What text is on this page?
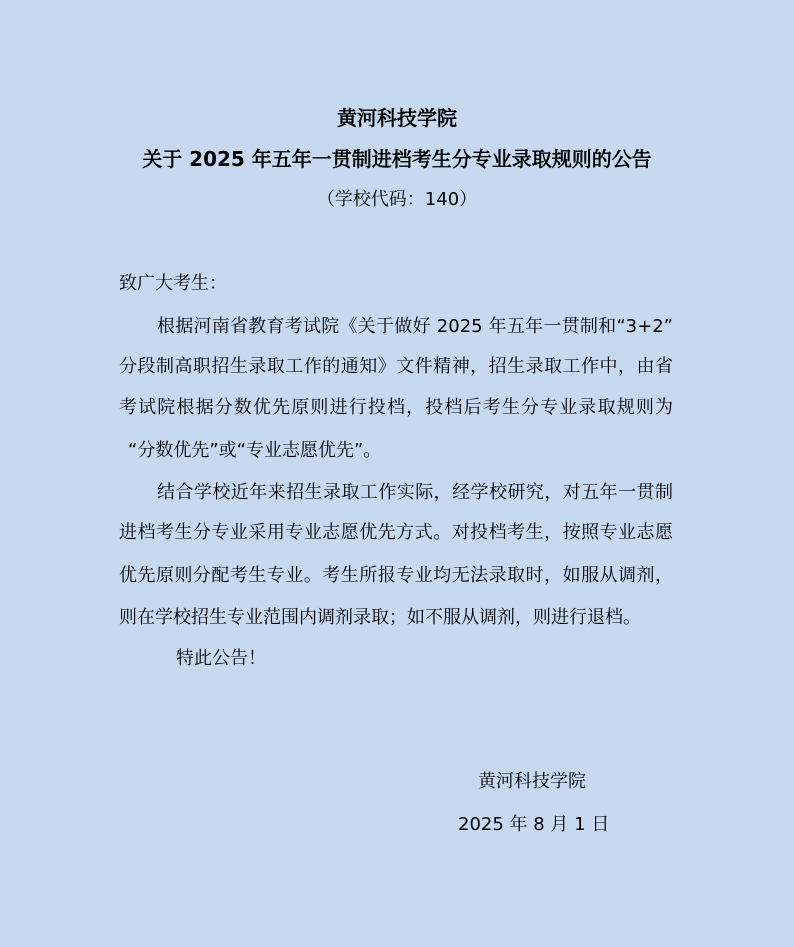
黄河科技学院
关于 2025 年五年一贯制进档考生分专业录取规则的公告
（学校代码：140）
致广大考生：
根据河南省教育考试院《关于做好 2025 年五年一贯制和“3+2”
分段制高职招生录取工作的通知》文件精神，招生录取工作中，由省
考试院根据分数优先原则进行投档，投档后考生分专业录取规则为
“分数优先”或“专业志愿优先”。
结合学校近年来招生录取工作实际，经学校研究，对五年一贯制
进档考生分专业采用专业志愿优先方式。对投档考生，按照专业志愿
优先原则分配考生专业。考生所报专业均无法录取时，如服从调剂，
则在学校招生专业范围内调剂录取；如不服从调剂，则进行退档。
特此公告！
黄河科技学院
2025 年 8 月 1 日
